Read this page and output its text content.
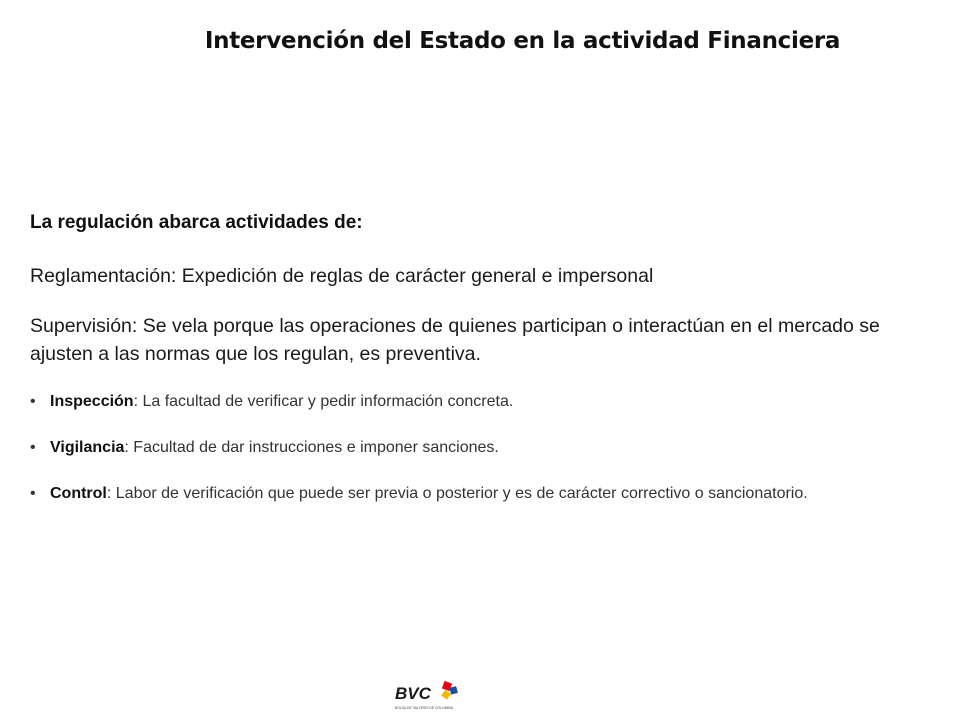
Intervención del Estado en la actividad Financiera

La regulación abarca actividades de:

Reglamentación: Expedición de reglas de carácter general e impersonal

Supervisión: Se vela porque las operaciones de quienes participan o interactúan en el mercado se ajusten a las normas que los regulan, es preventiva.

• Inspección: La facultad de verificar y pedir información concreta.
• Vigilancia: Facultad de dar instrucciones e imponer sanciones.
• Control: Labor de verificación que puede ser previa o posterior y es de carácter correctivo o sancionatorio.
BVC
BOLSA DE VALORES DE COLOMBIA
